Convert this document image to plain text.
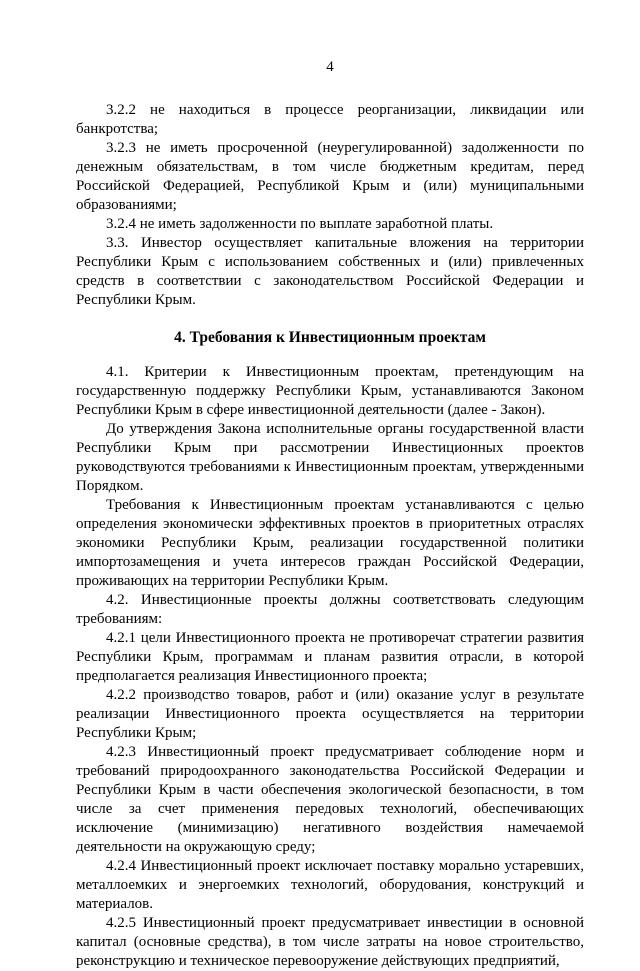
4

3.2.2 не находиться в процессе реорганизации, ликвидации или банкротства;

3.2.3 не иметь просроченной (неурегулированной) задолженности по денежным обязательствам, в том числе бюджетным кредитам, перед Российской Федерацией, Республикой Крым и (или) муниципальными образованиями;

3.2.4 не иметь задолженности по выплате заработной платы.

3.3. Инвестор осуществляет капитальные вложения на территории Республики Крым с использованием собственных и (или) привлеченных средств в соответствии с законодательством Российской Федерации и Республики Крым.

4. Требования к Инвестиционным проектам

4.1. Критерии к Инвестиционным проектам, претендующим на государственную поддержку Республики Крым, устанавливаются Законом Республики Крым в сфере инвестиционной деятельности (далее - Закон).

До утверждения Закона исполнительные органы государственной власти Республики Крым при рассмотрении Инвестиционных проектов руководствуются требованиями к Инвестиционным проектам, утвержденными Порядком.

Требования к Инвестиционным проектам устанавливаются с целью определения экономически эффективных проектов в приоритетных отраслях экономики Республики Крым, реализации государственной политики импортозамещения и учета интересов граждан Российской Федерации, проживающих на территории Республики Крым.

4.2. Инвестиционные проекты должны соответствовать следующим требованиям:

4.2.1 цели Инвестиционного проекта не противоречат стратегии развития Республики Крым, программам и планам развития отрасли, в которой предполагается реализация Инвестиционного проекта;

4.2.2 производство товаров, работ и (или) оказание услуг в результате реализации Инвестиционного проекта осуществляется на территории Республики Крым;

4.2.3 Инвестиционный проект предусматривает соблюдение норм и требований природоохранного законодательства Российской Федерации и Республики Крым в части обеспечения экологической безопасности, в том числе за счет применения передовых технологий, обеспечивающих исключение (минимизацию) негативного воздействия намечаемой деятельности на окружающую среду;

4.2.4 Инвестиционный проект исключает поставку морально устаревших, металлоемких и энергоемких технологий, оборудования, конструкций и материалов.

4.2.5 Инвестиционный проект предусматривает инвестиции в основной капитал (основные средства), в том числе затраты на новое строительство, реконструкцию и техническое перевооружение действующих предприятий,
